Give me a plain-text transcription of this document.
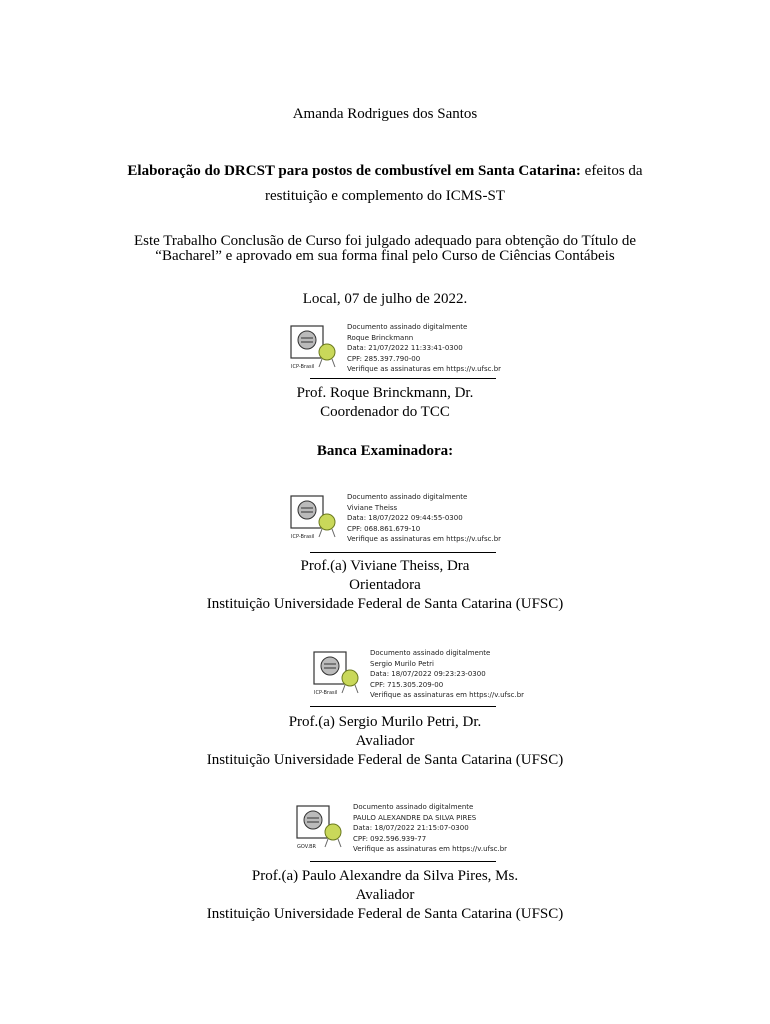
Amanda Rodrigues dos Santos
Elaboração do DRCST para postos de combustível em Santa Catarina: efeitos da
restituição e complemento do ICMS-ST
Este Trabalho Conclusão de Curso foi julgado adequado para obtenção do Título de
“Bacharel” e aprovado em sua forma final pelo Curso de Ciências Contábeis
Local, 07 de julho de 2022.
ICP-Brasil
Documento assinado digitalmente
Roque Brinckmann
Data: 21/07/2022 11:33:41-0300
CPF: 285.397.790-00
Verifique as assinaturas em https://v.ufsc.br
Prof. Roque Brinckmann, Dr.
Coordenador do TCC
Banca Examinadora:
ICP-Brasil
Documento assinado digitalmente
Viviane Theiss
Data: 18/07/2022 09:44:55-0300
CPF: 068.861.679-10
Verifique as assinaturas em https://v.ufsc.br
Prof.(a) Viviane Theiss, Dra
Orientadora
Instituição Universidade Federal de Santa Catarina (UFSC)
ICP-Brasil
Documento assinado digitalmente
Sergio Murilo Petri
Data: 18/07/2022 09:23:23-0300
CPF: 715.305.209-00
Verifique as assinaturas em https://v.ufsc.br
Prof.(a) Sergio Murilo Petri, Dr.
Avaliador
Instituição Universidade Federal de Santa Catarina (UFSC)
GOV.BR
Documento assinado digitalmente
PAULO ALEXANDRE DA SILVA PIRES
Data: 18/07/2022 21:15:07-0300
CPF: 092.596.939-77
Verifique as assinaturas em https://v.ufsc.br
Prof.(a) Paulo Alexandre da Silva Pires, Ms.
Avaliador
Instituição Universidade Federal de Santa Catarina (UFSC)
